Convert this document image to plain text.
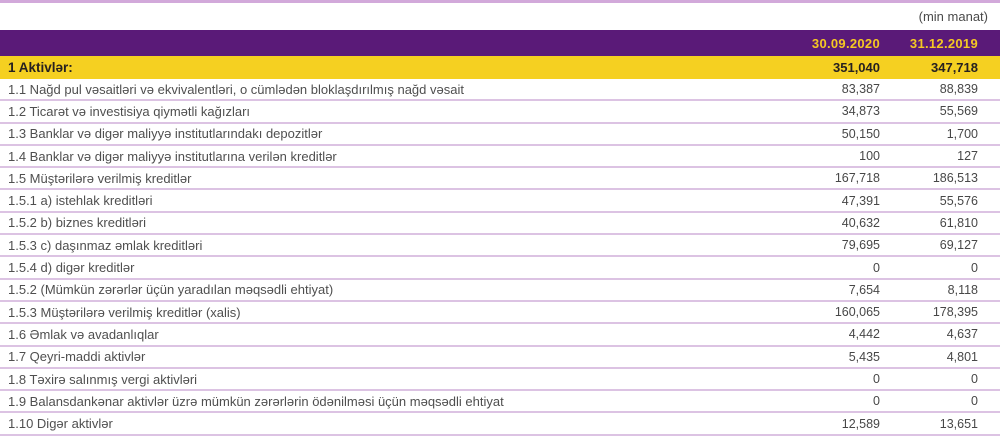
(min manat)
30.09.2020	31.12.2019
1 Aktivlər:	351,040	347,718
1.1 Nağd pul vəsaitləri və ekvivalentləri, o cümlədən bloklaşdırılmış nağd vəsait	83,387	88,839
1.2 Ticarət və investisiya qiymətli kağızları	34,873	55,569
1.3 Banklar və digər maliyyə institutlarındakı depozitlər	50,150	1,700
1.4 Banklar və digər maliyyə institutlarına verilən kreditlər	100	127
1.5 Müştərilərə verilmiş kreditlər	167,718	186,513
1.5.1 a) istehlak kreditləri	47,391	55,576
1.5.2 b) biznes kreditləri	40,632	61,810
1.5.3 c) daşınmaz əmlak kreditləri	79,695	69,127
1.5.4 d) digər kreditlər	0	0
1.5.2 (Mümkün zərərlər üçün yaradılan məqsədli ehtiyat)	7,654	8,118
1.5.3 Müştərilərə verilmiş kreditlər (xalis)	160,065	178,395
1.6 Əmlak və avadanlıqlar	4,442	4,637
1.7 Qeyri-maddi aktivlər	5,435	4,801
1.8 Təxirə salınmış vergi aktivləri	0	0
1.9 Balansdankənar aktivlər üzrə mümkün zərərlərin ödənilməsi üçün məqsədli ehtiyat	0	0
1.10 Digər aktivlər	12,589	13,651
